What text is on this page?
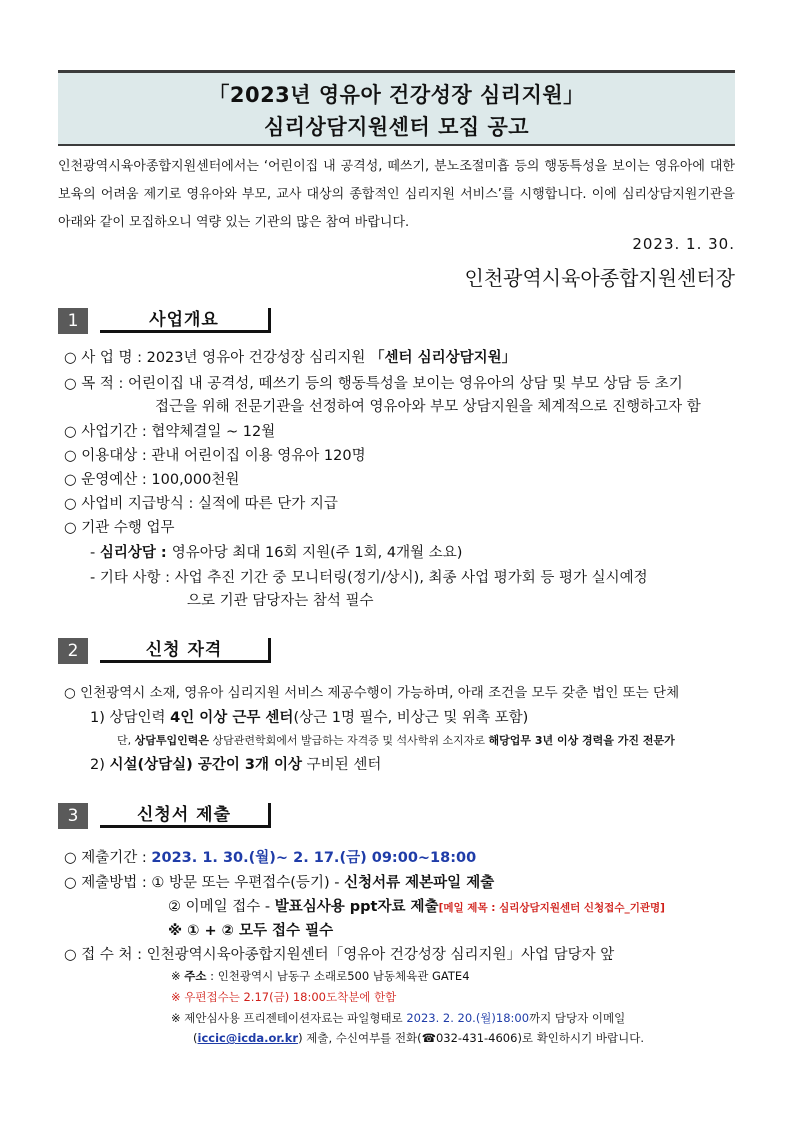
「2023년 영유아 건강성장 심리지원」
심리상담지원센터 모집 공고
인천광역시육아종합지원센터에서는 ‘어린이집 내 공격성, 떼쓰기, 분노조절미흡 등의 행동특성을 보이는 영유아에 대한 보육의 어려움 제기로 영유아와 부모, 교사 대상의 종합적인 심리지원 서비스’를 시행합니다. 이에 심리상담지원기관을 아래와 같이 모집하오니 역량 있는 기관의 많은 참여 바랍니다.
2023. 1. 30.
인천광역시육아종합지원센터장
1	사업개요
○ 사 업 명 : 2023년 영유아 건강성장 심리지원 「센터 심리상담지원」
○ 목 적 : 어린이집 내 공격성, 떼쓰기 등의 행동특성을 보이는 영유아의 상담 및 부모 상담 등 초기
접근을 위해 전문기관을 선정하여 영유아와 부모 상담지원을 체계적으로 진행하고자 함
○ 사업기간 : 협약체결일 ~ 12월
○ 이용대상 : 관내 어린이집 이용 영유아 120명
○ 운영예산 : 100,000천원
○ 사업비 지급방식 : 실적에 따른 단가 지급
○ 기관 수행 업무
- 심리상담 : 영유아당 최대 16회 지원(주 1회, 4개월 소요)
- 기타 사항 : 사업 추진 기간 중 모니터링(정기/상시), 최종 사업 평가회 등 평가 실시예정
으로 기관 담당자는 참석 필수
2	신청 자격
○ 인천광역시 소재, 영유아 심리지원 서비스 제공수행이 가능하며, 아래 조건을 모두 갖춘 법인 또는 단체
1) 상담인력 4인 이상 근무 센터(상근 1명 필수, 비상근 및 위촉 포함)
단, 상담투입인력은 상담관련학회에서 발급하는 자격증 및 석사학위 소지자로 해당업무 3년 이상 경력을 가진 전문가
2) 시설(상담실) 공간이 3개 이상 구비된 센터
3	신청서 제출
○ 제출기간 : 2023. 1. 30.(월)~ 2. 17.(금) 09:00~18:00
○ 제출방법 : ① 방문 또는 우편접수(등기) - 신청서류 제본파일 제출
② 이메일 접수 - 발표심사용 ppt자료 제출[메일 제목 : 심리상담지원센터 신청접수_기관명]
※ ① + ② 모두 접수 필수
○ 접 수 처 : 인천광역시육아종합지원센터「영유아 건강성장 심리지원」사업 담당자 앞
※ 주소 : 인천광역시 남동구 소래로500 남동체육관 GATE4
※ 우편접수는 2.17(금) 18:00도착분에 한함
※ 제안심사용 프리젠테이션자료는 파일형태로 2023. 2. 20.(월)18:00까지 담당자 이메일
(iccic@icda.or.kr) 제출, 수신여부를 전화(☎032-431-4606)로 확인하시기 바랍니다.
